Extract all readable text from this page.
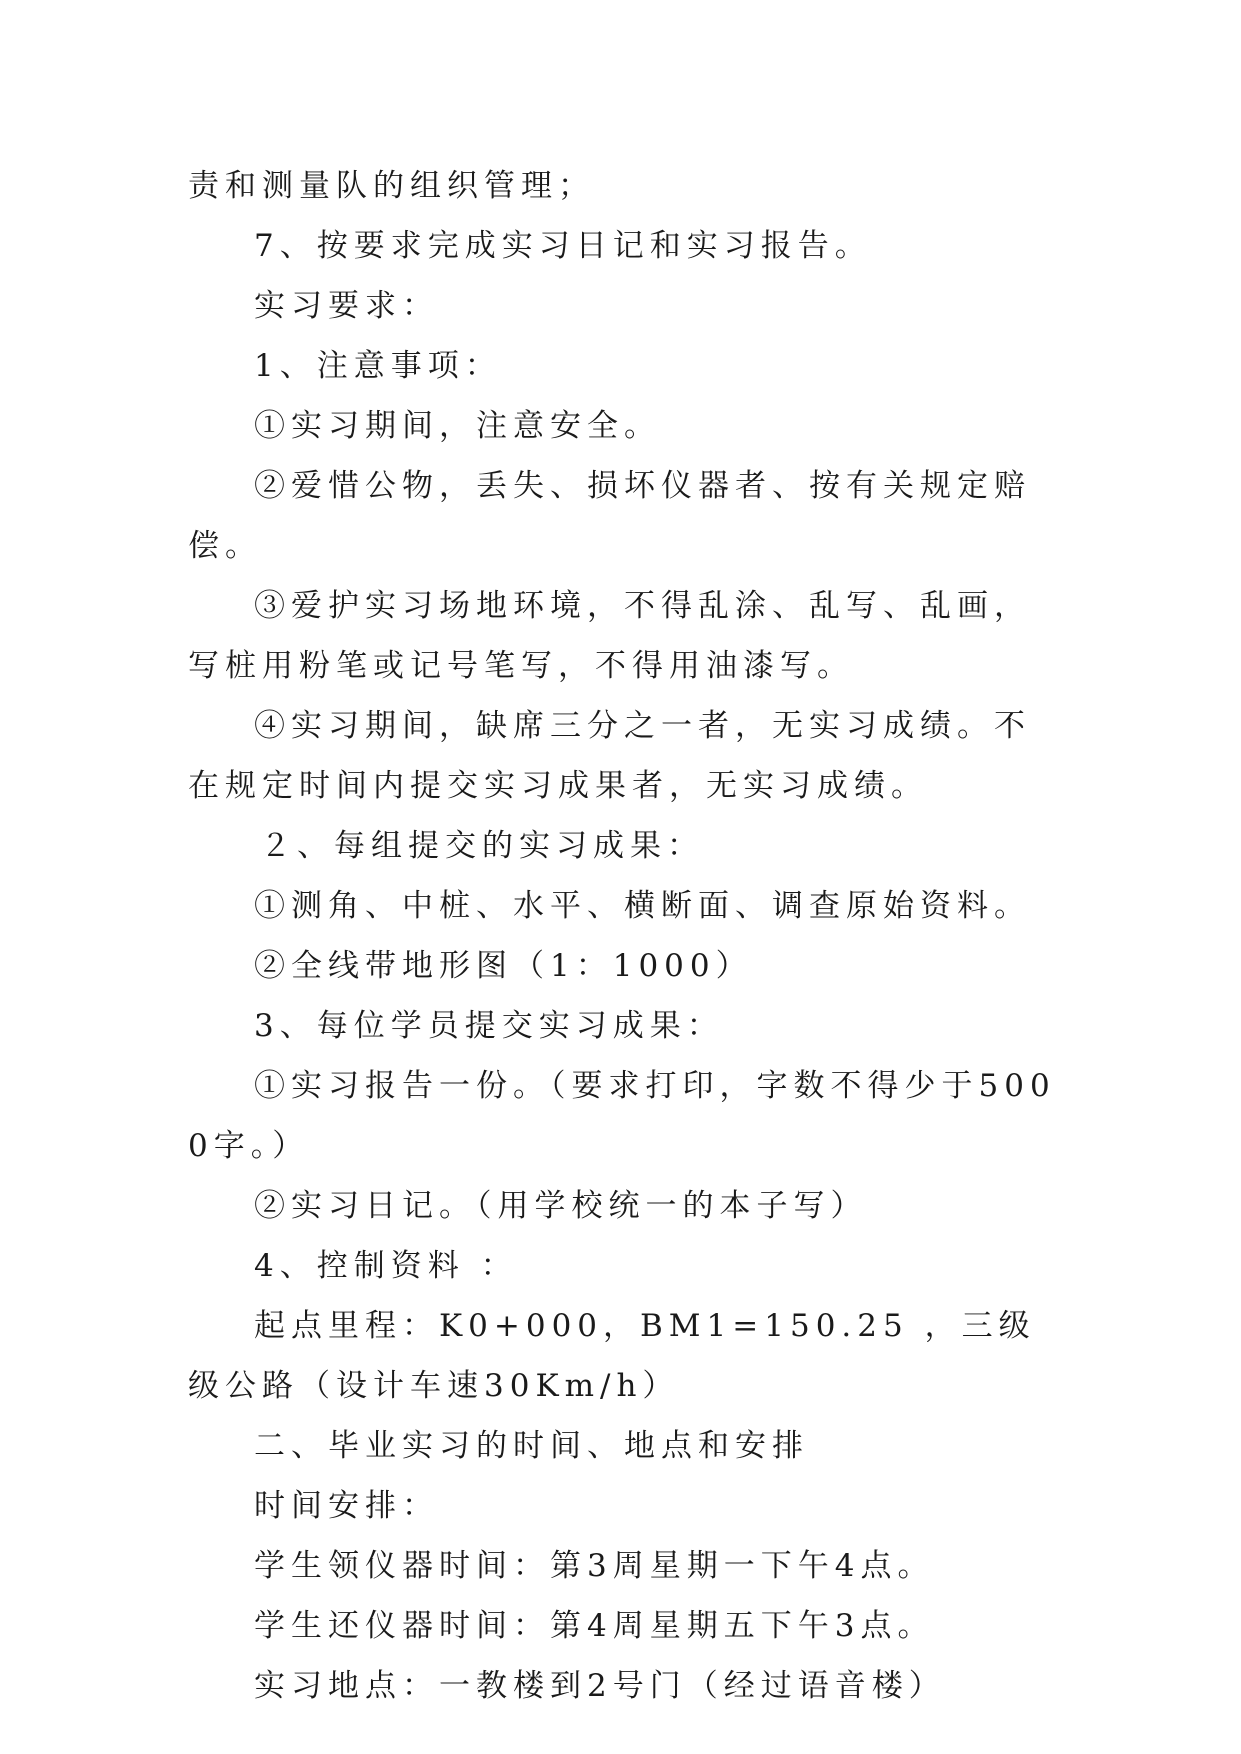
责和测量队的组织管理；

7、按要求完成实习日记和实习报告。

实习要求：

1、注意事项：

①实习期间，注意安全。

②爱惜公物，丢失、损坏仪器者、按有关规定赔偿。

③爱护实习场地环境，不得乱涂、乱写、乱画，写桩用粉笔或记号笔写，不得用油漆写。

④实习期间，缺席三分之一者，无实习成绩。不在规定时间内提交实习成果者，无实习成绩。

２、每组提交的实习成果：

①测角、中桩、水平、横断面、调查原始资料。

②全线带地形图（1：1000）

3、每位学员提交实习成果：

①实习报告一份。（要求打印，字数不得少于5000字。）

②实习日记。（用学校统一的本子写）

4、控制资料 ：

起点里程：K0+000，BM1=150.25 ，三级级公路（设计车速30Km/h）

二、毕业实习的时间、地点和安排

时间安排：

学生领仪器时间：第3周星期一下午4点。

学生还仪器时间：第4周星期五下午3点。

实习地点：一教楼到2号门（经过语音楼）
